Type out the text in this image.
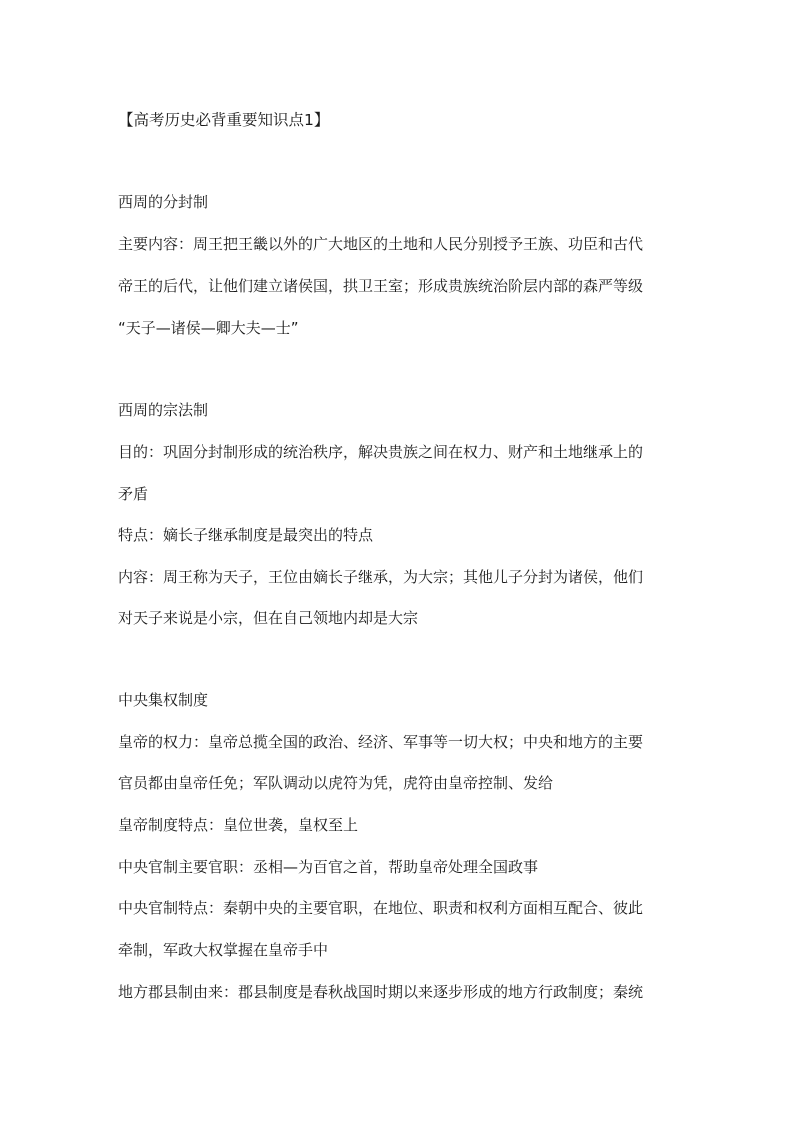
【高考历史必背重要知识点1】
西周的分封制
主要内容：周王把王畿以外的广大地区的土地和人民分别授予王族、功臣和古代
帝王的后代，让他们建立诸侯国，拱卫王室；形成贵族统治阶层内部的森严等级
“天子—诸侯—卿大夫—士”
西周的宗法制
目的：巩固分封制形成的统治秩序，解决贵族之间在权力、财产和土地继承上的
矛盾
特点：嫡长子继承制度是最突出的特点
内容：周王称为天子，王位由嫡长子继承，为大宗；其他儿子分封为诸侯，他们
对天子来说是小宗，但在自己领地内却是大宗
中央集权制度
皇帝的权力：皇帝总揽全国的政治、经济、军事等一切大权；中央和地方的主要
官员都由皇帝任免；军队调动以虎符为凭，虎符由皇帝控制、发给
皇帝制度特点：皇位世袭，皇权至上
中央官制主要官职：丞相—为百官之首，帮助皇帝处理全国政事
中央官制特点：秦朝中央的主要官职，在地位、职责和权利方面相互配合、彼此
牵制，军政大权掌握在皇帝手中
地方郡县制由来：郡县制度是春秋战国时期以来逐步形成的地方行政制度；秦统
